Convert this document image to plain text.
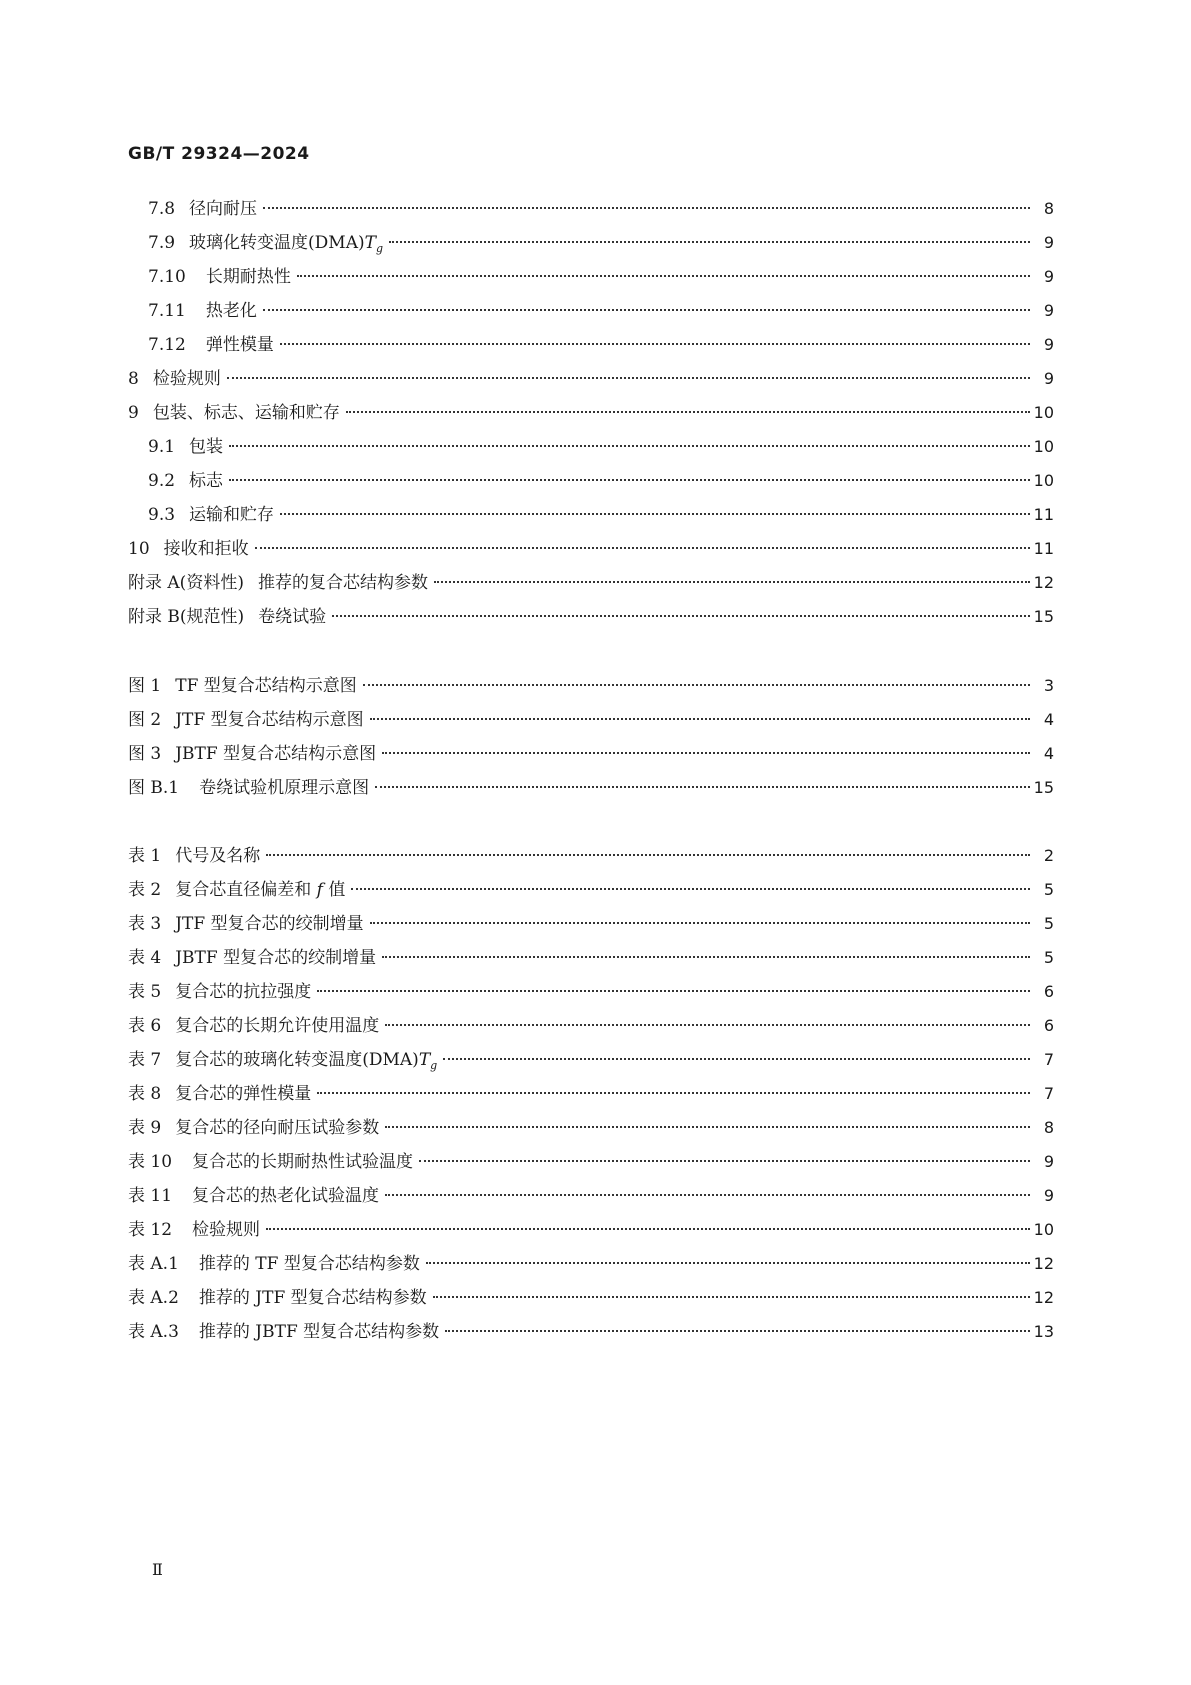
GB/T 29324—2024
7.8 径向耐压	8
7.9 玻璃化转变温度$(DMA)T_g$	9
7.10 长期耐热性	9
7.11 热老化	9
7.12 弹性模量	9
8 检验规则	9
9 包装、标志、运输和贮存	10
9.1 包装	10
9.2 标志	10
9.3 运输和贮存	11
10 接收和拒收	11
附录 A(资料性) 推荐的复合芯结构参数	12
附录 B(规范性) 卷绕试验	15
图 1 TF 型复合芯结构示意图	3
图 2 JTF 型复合芯结构示意图	4
图 3 JBTF 型复合芯结构示意图	4
图 B.1 卷绕试验机原理示意图	15
表 1 代号及名称	2
表 2 复合芯直径偏差和 f 值	5
表 3 JTF 型复合芯的绞制增量	5
表 4 JBTF 型复合芯的绞制增量	5
表 5 复合芯的抗拉强度	6
表 6 复合芯的长期允许使用温度	6
表 7 复合芯的玻璃化转变温度$(DMA)T_g$	7
表 8 复合芯的弹性模量	7
表 9 复合芯的径向耐压试验参数	8
表 10 复合芯的长期耐热性试验温度	9
表 11 复合芯的热老化试验温度	9
表 12 检验规则	10
表 A.1 推荐的 TF 型复合芯结构参数	12
表 A.2 推荐的 JTF 型复合芯结构参数	12
表 A.3 推荐的 JBTF 型复合芯结构参数	13
Ⅱ
